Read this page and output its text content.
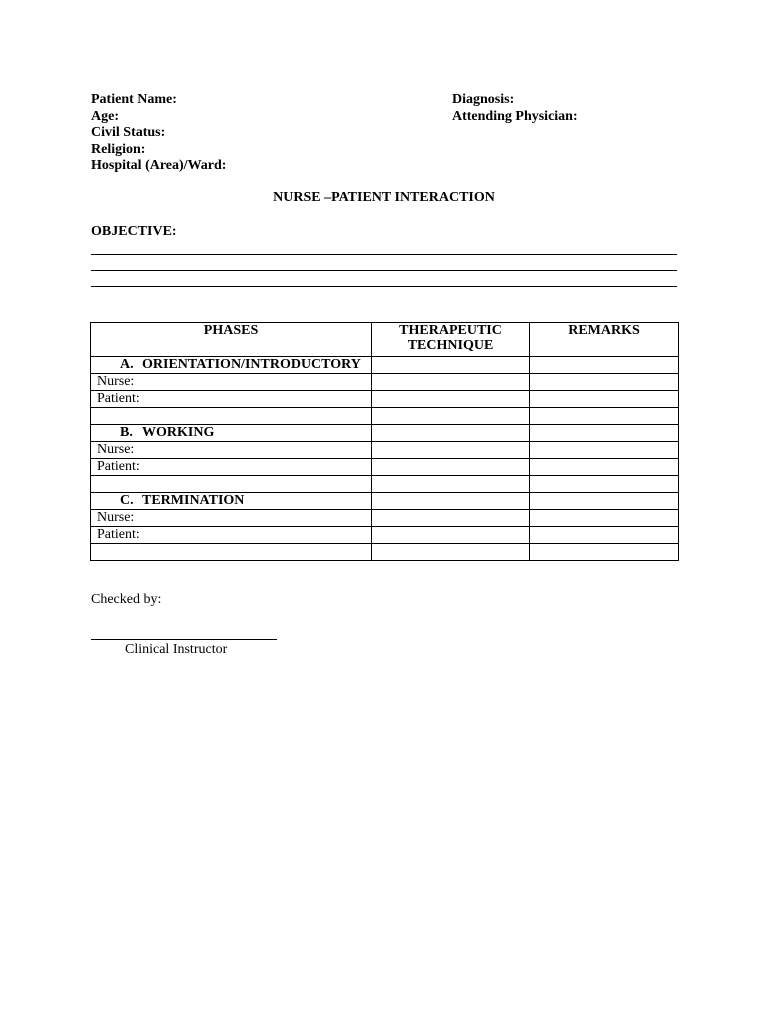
Patient Name:
Age:
Civil Status:
Religion:
Hospital (Area)/Ward:
Diagnosis:
Attending Physician:
NURSE –PATIENT INTERACTION
OBJECTIVE:
PHASES	THERAPEUTIC TECHNIQUE	REMARKS
A. ORIENTATION/INTRODUCTORY		
Nurse:		
Patient:		

B. WORKING		
Nurse:		
Patient:		

C. TERMINATION		
Nurse:		
Patient:		

Checked by:
Clinical Instructor
